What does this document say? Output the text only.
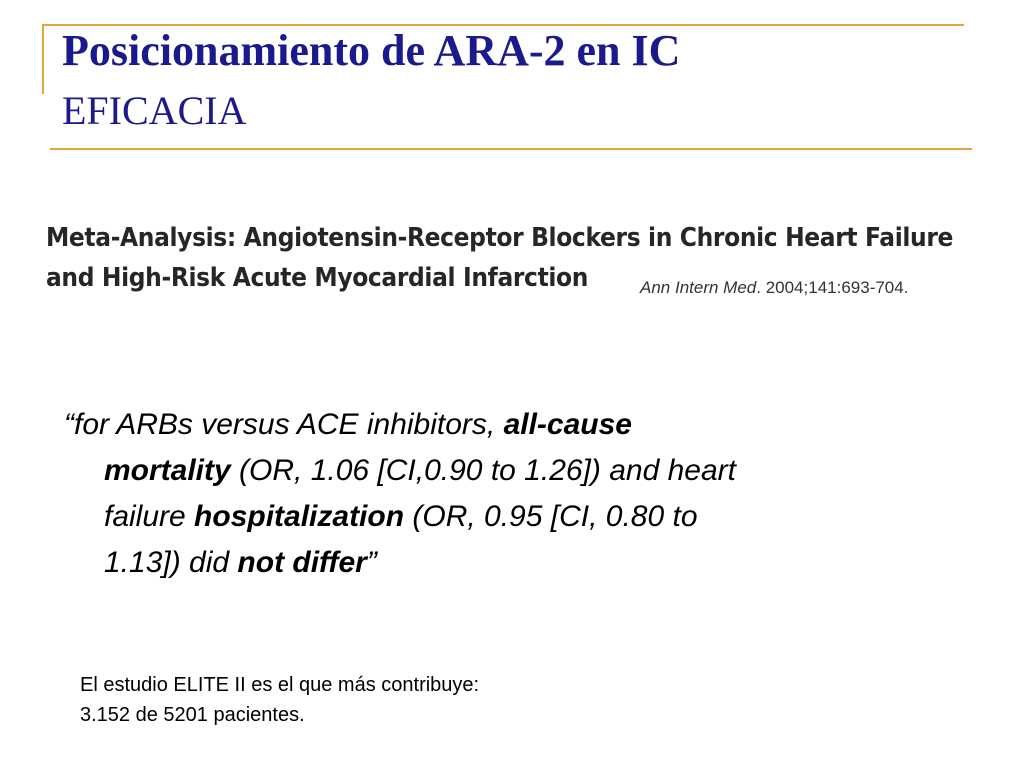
Posicionamiento de ARA-2 en IC
EFICACIA
Meta-Analysis: Angiotensin-Receptor Blockers in Chronic Heart Failure
and High-Risk Acute Myocardial Infarction	Ann Intern Med. 2004;141:693-704.

“for ARBs versus ACE inhibitors, all-cause
mortality (OR, 1.06 [CI,0.90 to 1.26]) and heart
failure hospitalization (OR, 0.95 [CI, 0.80 to
1.13]) did not differ”

El estudio ELITE II es el que más contribuye:
3.152 de 5201 pacientes.
